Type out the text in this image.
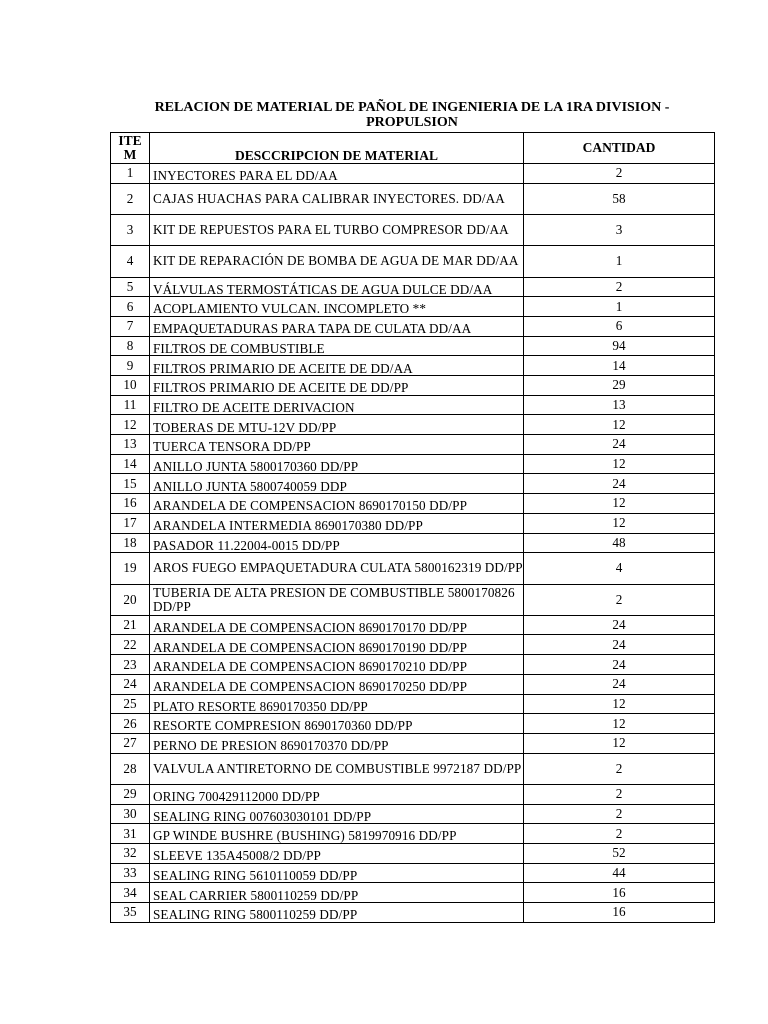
RELACION DE MATERIAL DE PAÑOL DE INGENIERIA DE LA 1RA DIVISION - PROPULSION
ITE M	DESCCRIPCION DE MATERIAL	CANTIDAD
1	INYECTORES PARA EL DD/AA	2
2	CAJAS HUACHAS PARA CALIBRAR INYECTORES. DD/AA	58
3	KIT DE REPUESTOS PARA EL TURBO COMPRESOR DD/AA	3
4	KIT DE REPARACIÓN DE BOMBA DE AGUA DE MAR DD/AA	1
5	VÁLVULAS TERMOSTÁTICAS DE AGUA DULCE DD/AA	2
6	ACOPLAMIENTO VULCAN. INCOMPLETO **	1
7	EMPAQUETADURAS PARA TAPA DE CULATA DD/AA	6
8	FILTROS DE COMBUSTIBLE	94
9	FILTROS PRIMARIO DE ACEITE DE DD/AA	14
10	FILTROS PRIMARIO DE ACEITE DE DD/PP	29
11	FILTRO DE ACEITE DERIVACION	13
12	TOBERAS DE MTU-12V DD/PP	12
13	TUERCA TENSORA DD/PP	24
14	ANILLO JUNTA 5800170360 DD/PP	12
15	ANILLO JUNTA 5800740059 DDP	24
16	ARANDELA DE COMPENSACION 8690170150 DD/PP	12
17	ARANDELA INTERMEDIA 8690170380 DD/PP	12
18	PASADOR 11.22004-0015 DD/PP	48
19	AROS FUEGO EMPAQUETADURA CULATA 5800162319 DD/PP	4
20	TUBERIA DE ALTA PRESION DE COMBUSTIBLE 5800170826 DD/PP	2
21	ARANDELA DE COMPENSACION 8690170170 DD/PP	24
22	ARANDELA DE COMPENSACION 8690170190 DD/PP	24
23	ARANDELA DE COMPENSACION 8690170210 DD/PP	24
24	ARANDELA DE COMPENSACION 8690170250 DD/PP	24
25	PLATO RESORTE 8690170350 DD/PP	12
26	RESORTE COMPRESION 8690170360 DD/PP	12
27	PERNO DE PRESION 8690170370 DD/PP	12
28	VALVULA ANTIRETORNO DE COMBUSTIBLE 9972187 DD/PP	2
29	ORING 700429112000 DD/PP	2
30	SEALING RING 007603030101 DD/PP	2
31	GP WINDE BUSHRE (BUSHING) 5819970916 DD/PP	2
32	SLEEVE 135A45008/2 DD/PP	52
33	SEALING RING 5610110059 DD/PP	44
34	SEAL CARRIER 5800110259 DD/PP	16
35	SEALING RING 5800110259 DD/PP	16
